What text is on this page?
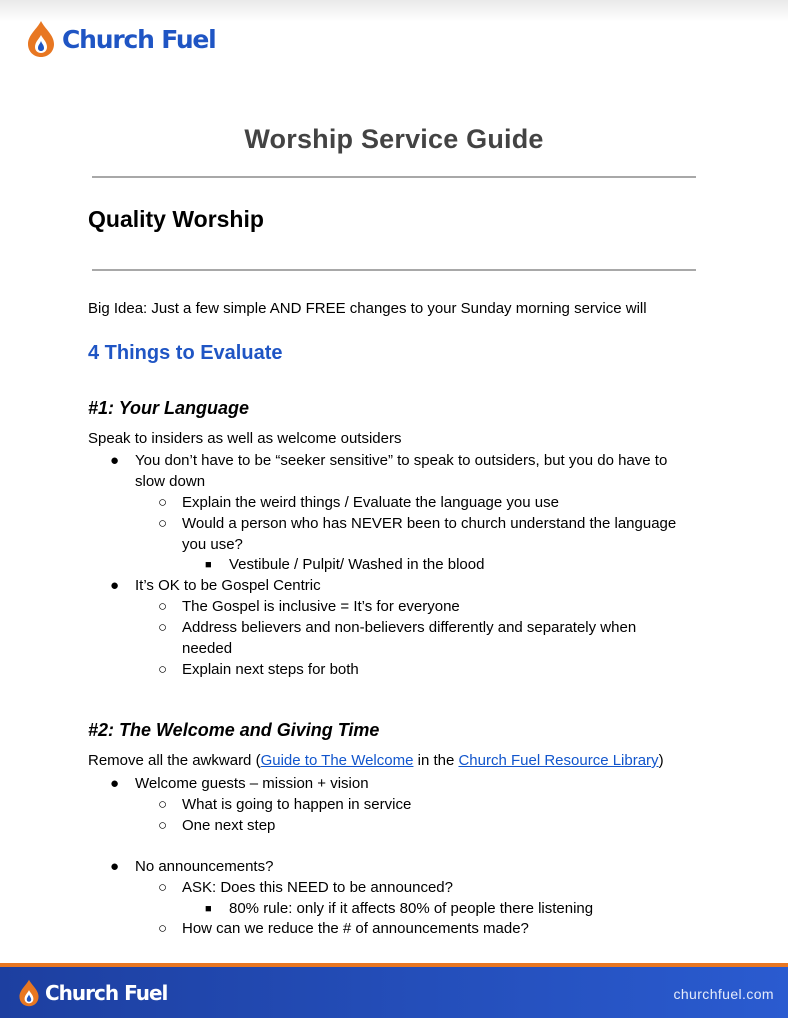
Church Fuel
Worship Service Guide
Quality Worship
Big Idea: Just a few simple AND FREE changes to your Sunday morning service will
4 Things to Evaluate
#1: Your Language
Speak to insiders as well as welcome outsiders
● You don’t have to be “seeker sensitive” to speak to outsiders, but you do have to
slow down
○ Explain the weird things / Evaluate the language you use
○ Would a person who has NEVER been to church understand the language
you use?
■ Vestibule / Pulpit/ Washed in the blood
● It’s OK to be Gospel Centric
○ The Gospel is inclusive = It’s for everyone
○ Address believers and non-believers differently and separately when
needed
○ Explain next steps for both
#2: The Welcome and Giving Time
Remove all the awkward (Guide to The Welcome in the Church Fuel Resource Library)
● Welcome guests – mission + vision
○ What is going to happen in service
○ One next step
● No announcements?
○ ASK: Does this NEED to be announced?
■ 80% rule: only if it affects 80% of people there listening
○ How can we reduce the # of announcements made?
Church Fuel	churchfuel.com
